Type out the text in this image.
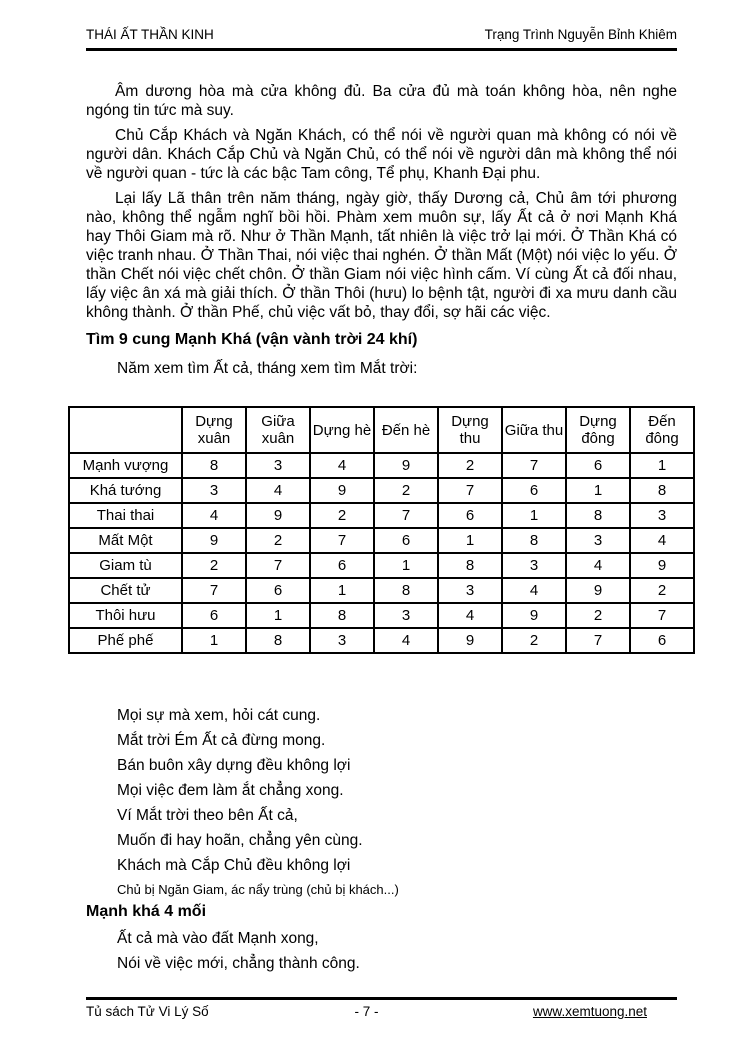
THÁI ẤT THẦN KINH	Trạng Trình Nguyễn Bỉnh Khiêm

Âm dương hòa mà cửa không đủ. Ba cửa đủ mà toán không hòa, nên nghe ngóng tin tức mà suy.

Chủ Cắp Khách và Ngăn Khách, có thể nói về người quan mà không có nói về người dân. Khách Cắp Chủ và Ngăn Chủ, có thể nói về người dân mà không thể nói về người quan - tức là các bậc Tam công, Tể phụ, Khanh Đại phu.

Lại lấy Lã thân trên năm tháng, ngày giờ, thấy Dương cả, Chủ âm tới phương nào, không thể ngẫm nghĩ bồi hồi. Phàm xem muôn sự, lấy Ất cả ở nơi Mạnh Khá hay Thôi Giam mà rõ. Như ở Thần Mạnh, tất nhiên là việc trở lại mới. Ở Thần Khá có việc tranh nhau. Ở Thần Thai, nói việc thai nghén. Ở thần Mất (Một) nói việc lo yếu. Ở thần Chết nói việc chết chôn. Ở thần Giam nói việc hình cấm. Ví cùng Ất cả đối nhau, lấy việc ân xá mà giải thích. Ở thần Thôi (hưu) lo bệnh tật, người đi xa mưu danh cầu không thành. Ở thần Phế, chủ việc vất bỏ, thay đổi, sợ hãi các việc.

Tìm 9 cung Mạnh Khá (vận vành trời 24 khí)
Năm xem tìm Ất cả, tháng xem tìm Mắt trời:
	Dựng xuân	Giữa xuân	Dựng hè	Đến hè	Dựng thu	Giữa thu	Dựng đông	Đến đông
Mạnh vượng	8	3	4	9	2	7	6	1
Khá tướng	3	4	9	2	7	6	1	8
Thai thai	4	9	2	7	6	1	8	3
Mất Một	9	2	7	6	1	8	3	4
Giam tù	2	7	6	1	8	3	4	9
Chết tử	7	6	1	8	3	4	9	2
Thôi hưu	6	1	8	3	4	9	2	7
Phế phế	1	8	3	4	9	2	7	6
Mọi sự mà xem, hỏi cát cung.
Mắt trời Ém Ất cả đừng mong.
Bán buôn xây dựng đều không lợi
Mọi việc đem làm ắt chẳng xong.
Ví Mắt trời theo bên Ất cả,
Muốn đi hay hoãn, chẳng yên cùng.
Khách mà Cắp Chủ đều không lợi
Chủ bị Ngăn Giam, ác nẩy trùng (chủ bị khách...)
Mạnh khá 4 mối
Ất cả mà vào đất Mạnh xong,
Nói về việc mới, chẳng thành công.
Tủ sách Tử Vi Lý Số	- 7 -	www.xemtuong.net
